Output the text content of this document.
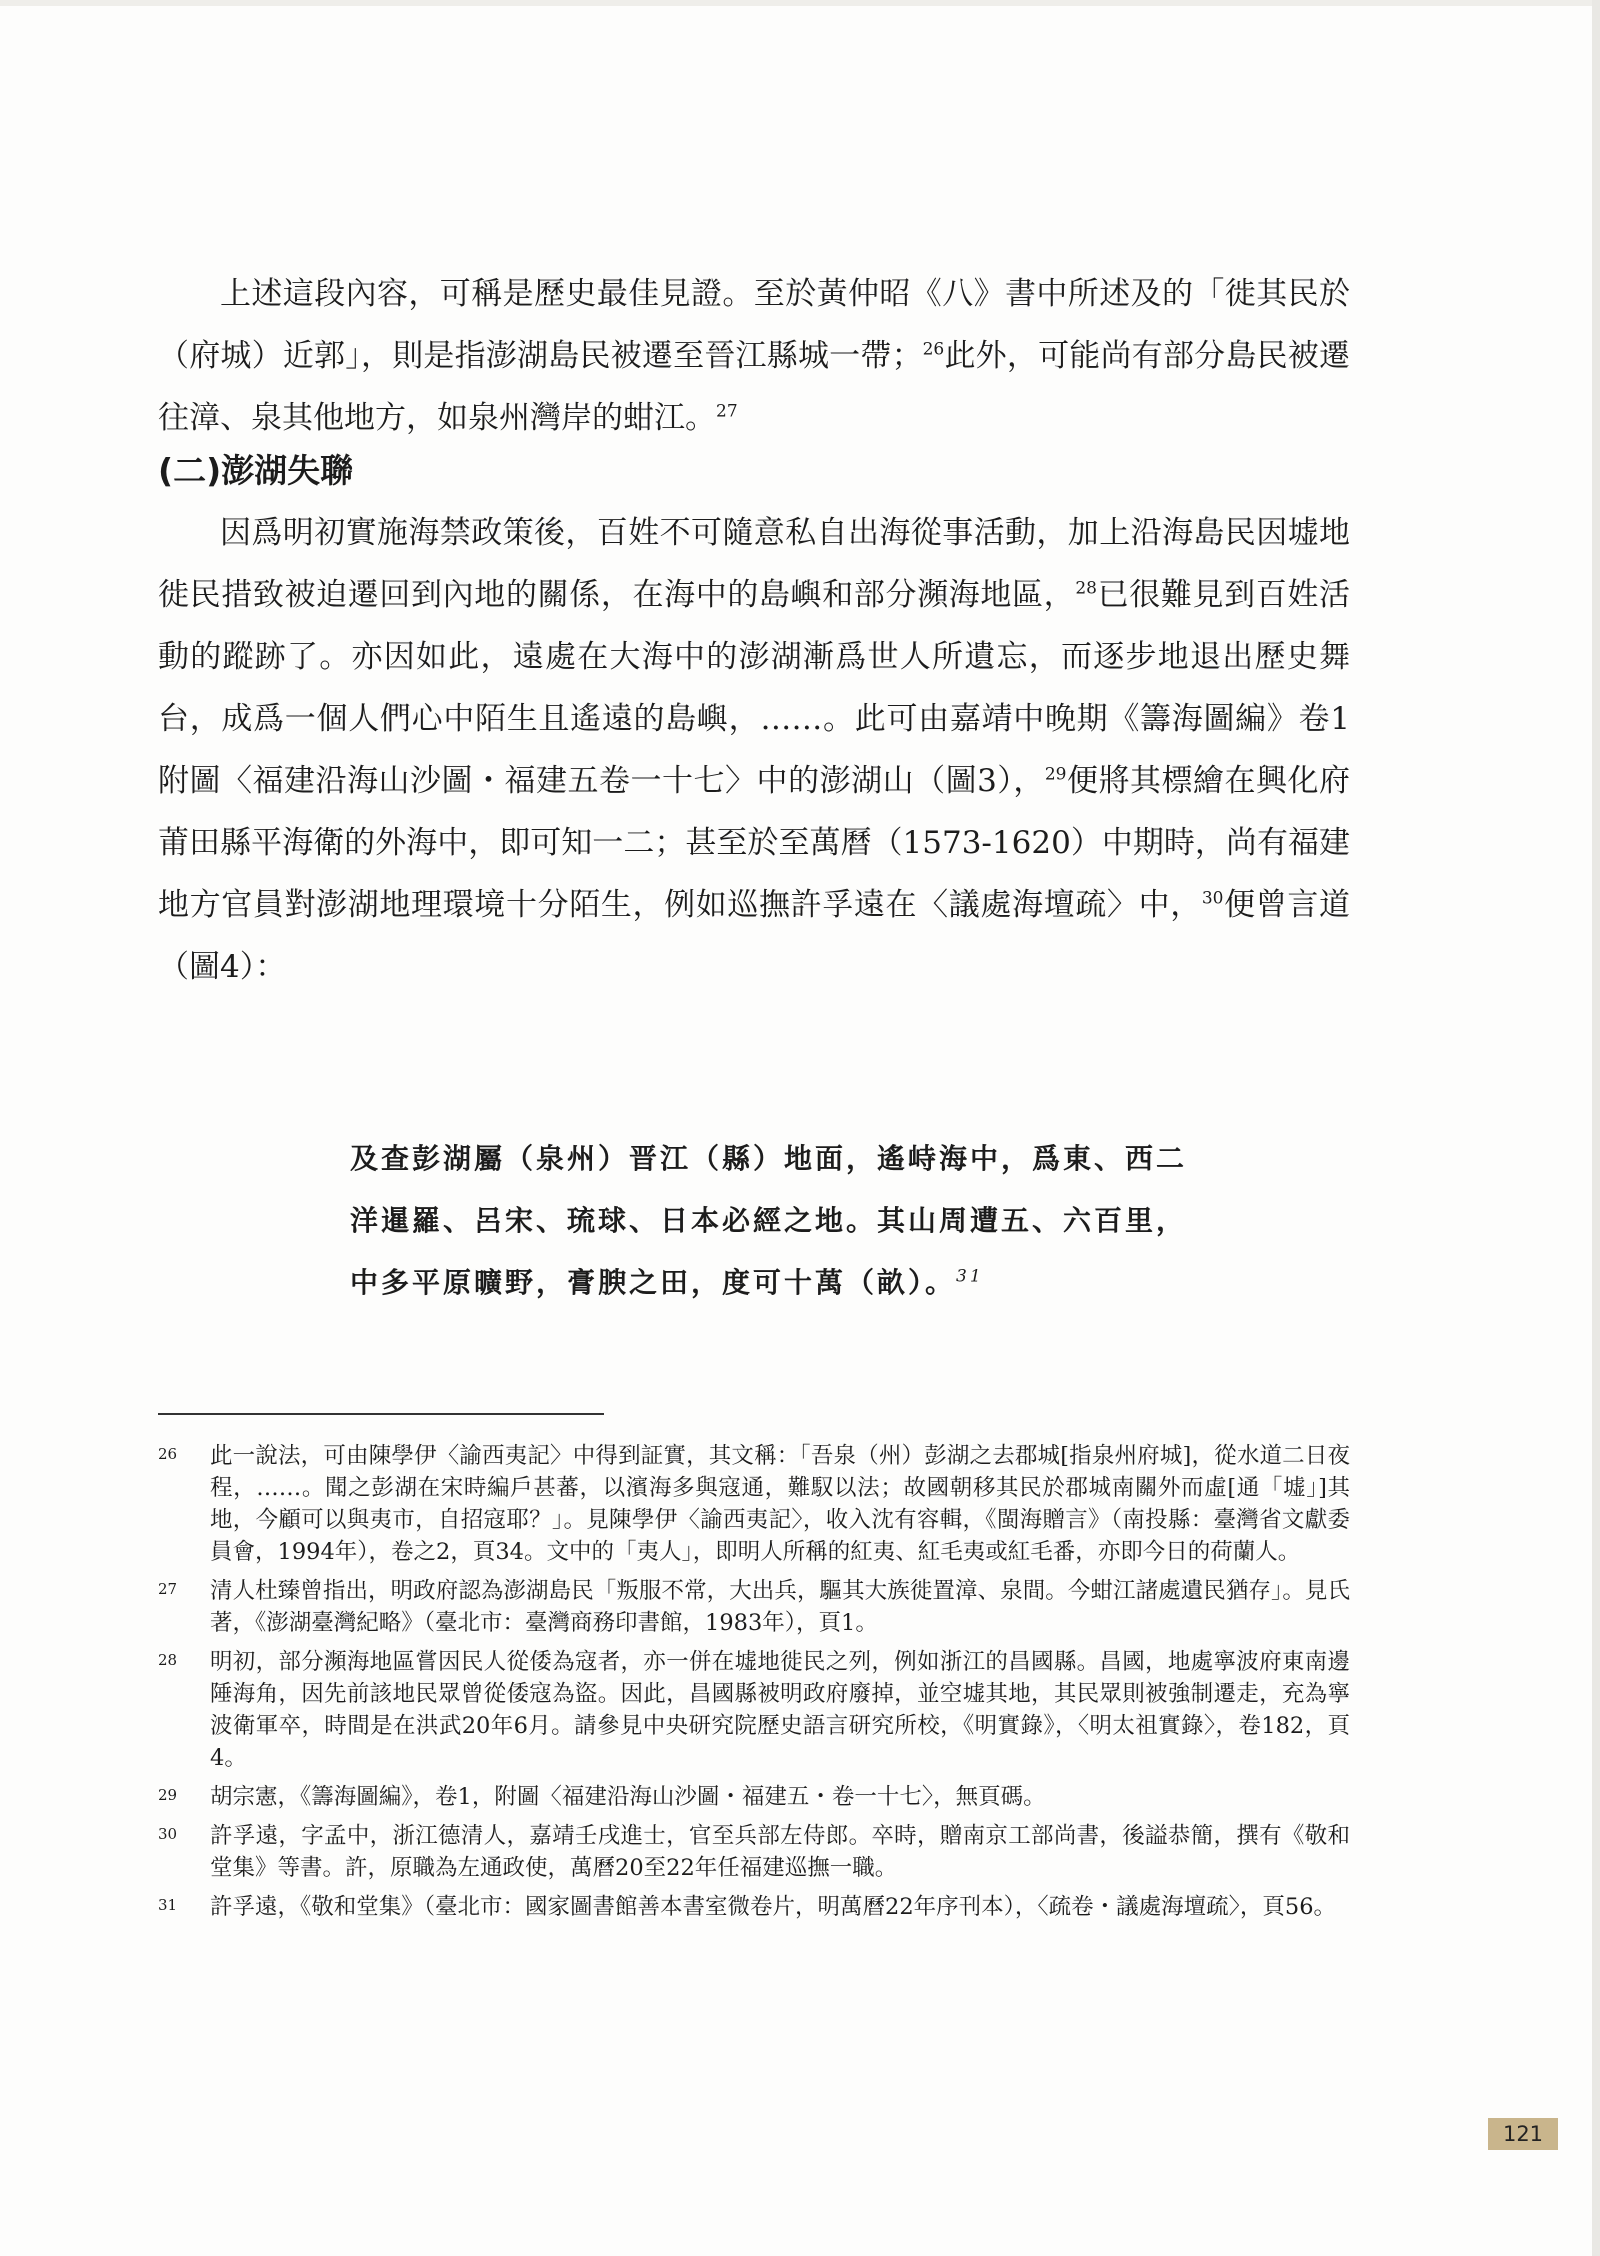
上述這段內容，可稱是歷史最佳見證。至於黃仲昭《八》書中所述及的「徙其民於（府城）近郭」，則是指澎湖島民被遷至晉江縣城一帶；$^{26}$此外，可能尚有部分島民被遷往漳、泉其他地方，如泉州灣岸的蚶江。$^{27}$

(二)澎湖失聯

因爲明初實施海禁政策後，百姓不可隨意私自出海從事活動，加上沿海島民因墟地徙民措致被迫遷回到內地的關係，在海中的島嶼和部分瀕海地區，$^{28}$已很難見到百姓活動的蹤跡了。亦因如此，遠處在大海中的澎湖漸爲世人所遺忘，而逐步地退出歷史舞台，成爲一個人們心中陌生且遙遠的島嶼，……。此可由嘉靖中晚期《籌海圖編》卷1附圖〈福建沿海山沙圖・福建五卷一十七〉中的澎湖山（圖3），$^{29}$便將其標繪在興化府莆田縣平海衛的外海中，即可知一二；甚至於至萬曆（1573-1620）中期時，尚有福建地方官員對澎湖地理環境十分陌生，例如巡撫許孚遠在〈議處海壇疏〉中，$^{30}$便曾言道（圖4）：

及查彭湖屬（泉州）晋江（縣）地面，遙峙海中，爲東、西二
洋暹羅、呂宋、琉球、日本必經之地。其山周遭五、六百里，
中多平原曠野，膏腴之田，度可十萬（畝）。$^{31}$

26 此一說法，可由陳學伊〈諭西夷記〉中得到証實，其文稱：「吾泉（州）彭湖之去郡城[指泉州府城]，從水道二日夜程，……。聞之彭湖在宋時編戶甚蕃，以濱海多與寇通，難馭以法；故國朝移其民於郡城南關外而虛[通「墟」]其地，今顧可以與夷市，自招寇耶？」。見陳學伊〈諭西夷記〉，收入沈有容輯，《閩海贈言》（南投縣：臺灣省文獻委員會，1994年），卷之2，頁34。文中的「夷人」，即明人所稱的紅夷、紅毛夷或紅毛番，亦即今日的荷蘭人。

27 清人杜臻曾指出，明政府認為澎湖島民「叛服不常，大出兵，驅其大族徙置漳、泉間。今蚶江諸處遺民猶存」。見氏著，《澎湖臺灣紀略》（臺北市：臺灣商務印書館，1983年），頁1。

28 明初，部分瀕海地區嘗因民人從倭為寇者，亦一併在墟地徙民之列，例如浙江的昌國縣。昌國，地處寧波府東南邊陲海角，因先前該地民眾曾從倭寇為盜。因此，昌國縣被明政府廢掉，並空墟其地，其民眾則被強制遷走，充為寧波衛軍卒，時間是在洪武20年6月。請參見中央研究院歷史語言研究所校，《明實錄》，〈明太祖實錄〉，卷182，頁4。

29 胡宗憲，《籌海圖編》，卷1，附圖〈福建沿海山沙圖・福建五・卷一十七〉，無頁碼。

30 許孚遠，字孟中，浙江德清人，嘉靖壬戌進士，官至兵部左侍郎。卒時，贈南京工部尚書，後謚恭簡，撰有《敬和堂集》等書。許，原職為左通政使，萬曆20至22年任福建巡撫一職。

31 許孚遠，《敬和堂集》（臺北市：國家圖書館善本書室微卷片，明萬曆22年序刊本），〈疏卷・議處海壇疏〉，頁56。

121
